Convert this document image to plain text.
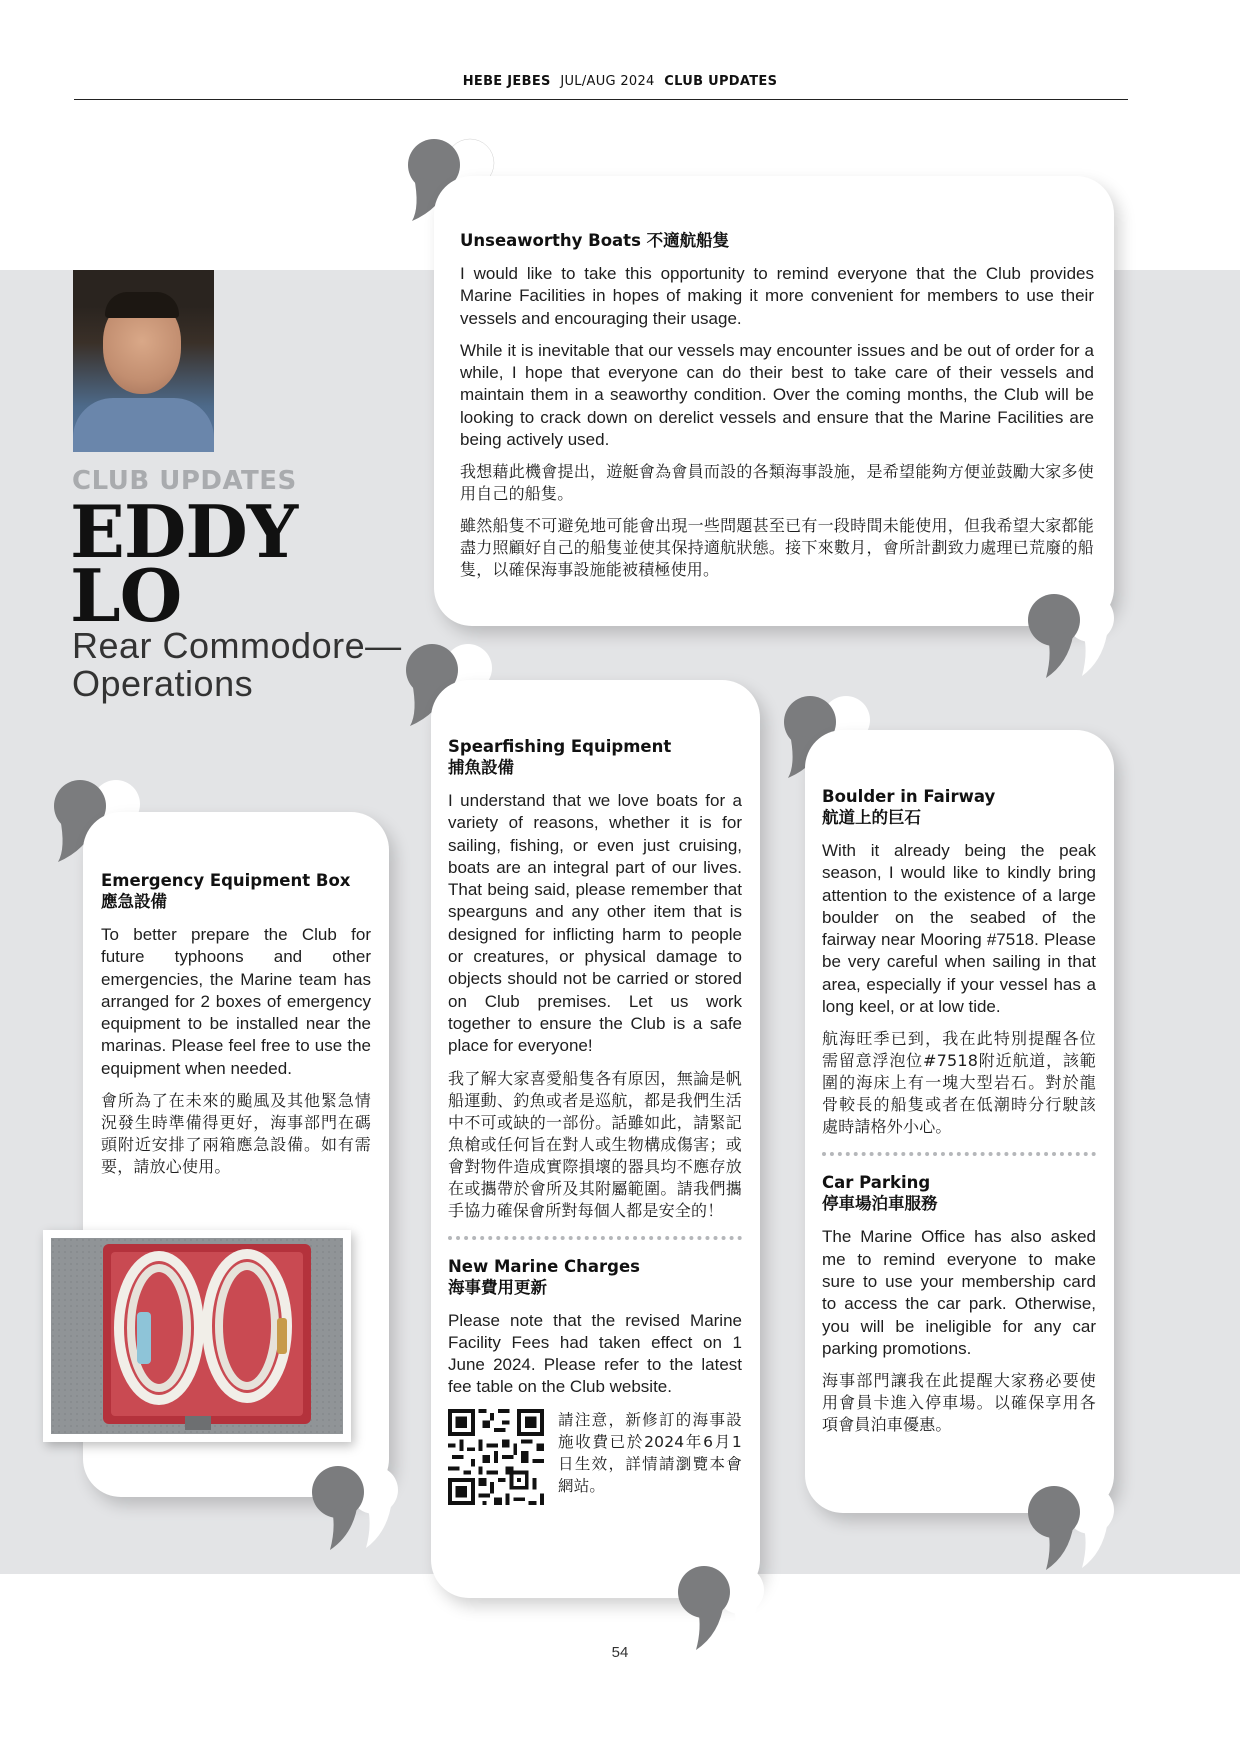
HEBE JEBES JUL/AUG 2024 CLUB UPDATES
CLUB UPDATES
EDDY
LO
Rear Commodore—
Operations
Unseaworthy Boats 不適航船隻

I would like to take this opportunity to remind everyone that the Club provides Marine Facilities in hopes of making it more convenient for members to use their vessels and encouraging their usage.

While it is inevitable that our vessels may encounter issues and be out of order for a while, I hope that everyone can do their best to take care of their vessels and maintain them in a seaworthy condition. Over the coming months, the Club will be looking to crack down on derelict vessels and ensure that the Marine Facilities are being actively used.

我想藉此機會提出，遊艇會為會員而設的各類海事設施，是希望能夠方便並鼓勵大家多使用自己的船隻。

雖然船隻不可避免地可能會出現一些問題甚至已有一段時間未能使用，但我希望大家都能盡力照顧好自己的船隻並使其保持適航狀態。接下來數月，會所計劃致力處理已荒廢的船隻，以確保海事設施能被積極使用。

Emergency Equipment Box
應急設備

To better prepare the Club for future typhoons and other emergencies, the Marine team has arranged for 2 boxes of emergency equipment to be installed near the marinas. Please feel free to use the equipment when needed.

會所為了在未來的颱風及其他緊急情況發生時準備得更好，海事部門在碼頭附近安排了兩箱應急設備。如有需要，請放心使用。

Spearfishing Equipment
捕魚設備

I understand that we love boats for a variety of reasons, whether it is for sailing, fishing, or even just cruising, boats are an integral part of our lives. That being said, please remember that spearguns and any other item that is designed for inflicting harm to people or creatures, or physical damage to objects should not be carried or stored on Club premises. Let us work together to ensure the Club is a safe place for everyone!

我了解大家喜愛船隻各有原因，無論是帆船運動、釣魚或者是巡航，都是我們生活中不可或缺的一部份。話雖如此，請緊記魚槍或任何旨在對人或生物構成傷害；或會對物件造成實際損壞的器具均不應存放在或攜帶於會所及其附屬範圍。請我們攜手協力確保會所對每個人都是安全的！

New Marine Charges
海事費用更新

Please note that the revised Marine Facility Fees had taken effect on 1 June 2024. Please refer to the latest fee table on the Club website.

請注意，新修訂的海事設施收費已於2024年6月1日生效，詳情請瀏覽本會網站。

Boulder in Fairway
航道上的巨石

With it already being the peak season, I would like to kindly bring attention to the existence of a large boulder on the seabed of the fairway near Mooring #7518. Please be very careful when sailing in that area, especially if your vessel has a long keel, or at low tide.

航海旺季已到，我在此特別提醒各位需留意浮泡位#7518附近航道，該範圍的海床上有一塊大型岩石。對於龍骨較長的船隻或者在低潮時分行駛該處時請格外小心。

Car Parking
停車場泊車服務

The Marine Office has also asked me to remind everyone to make sure to use your membership card to access the car park. Otherwise, you will be ineligible for any car parking promotions.

海事部門讓我在此提醒大家務必要使用會員卡進入停車場。以確保享用各項會員泊車優惠。

54
